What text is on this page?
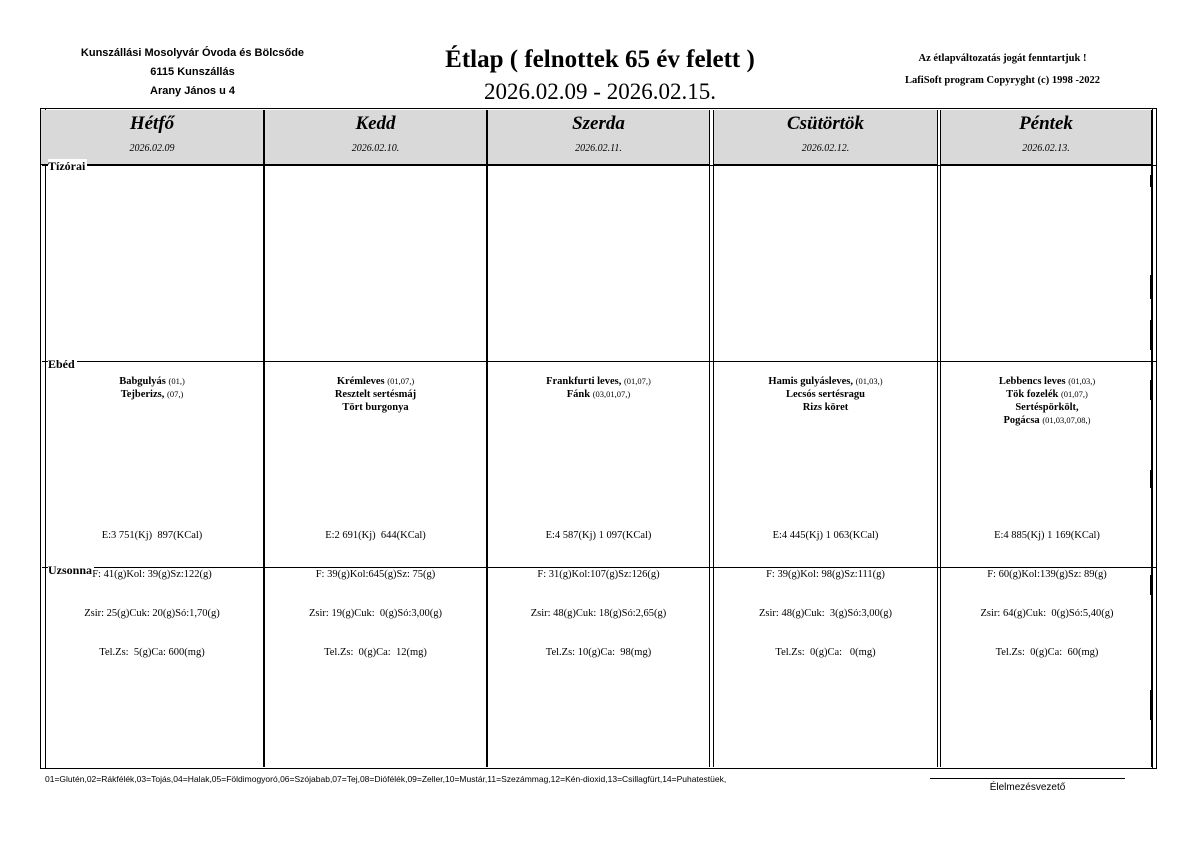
Kunszállási Mosolyvár Óvoda és Bölcsőde
6115 Kunszállás
Arany János u 4
Étlap ( felnottek 65 év felett )
2026.02.09 - 2026.02.15.
Az étlapváltozatás jogát fenntartjuk !
LafiSoft program Copyryght (c) 1998 -2022
Hétfő
2026.02.09
Kedd
2026.02.10.
Szerda
2026.02.11.
Csütörtök
2026.02.12.
Péntek
2026.02.13.
Tízórai
Ebéd
Uzsonna
Babgulyás (01,)
Tejberizs, (07,)
Krémleves (01,07,)
Resztelt sertésmáj
Tört burgonya
Frankfurti leves, (01,07,)
Fánk (03,01,07,)
Hamis gulyásleves, (01,03,)
Lecsós sertésragu
Rizs köret
Lebbencs leves (01,03,)
Tök fozelék (01,07,)
Sertéspörkölt,
Pogácsa (01,03,07,08,)

E:3 751(Kj)  897(KCal)

F: 41(g)Kol: 39(g)Sz:122(g)

Zsir: 25(g)Cuk: 20(g)Só:1,70(g)

Tel.Zs:  5(g)Ca: 600(mg)

E:2 691(Kj)  644(KCal)

F: 39(g)Kol:645(g)Sz: 75(g)

Zsir: 19(g)Cuk:  0(g)Só:3,00(g)

Tel.Zs:  0(g)Ca:  12(mg)

E:4 587(Kj) 1 097(KCal)

F: 31(g)Kol:107(g)Sz:126(g)

Zsir: 48(g)Cuk: 18(g)Só:2,65(g)

Tel.Zs: 10(g)Ca:  98(mg)

E:4 445(Kj) 1 063(KCal)

F: 39(g)Kol: 98(g)Sz:111(g)

Zsir: 48(g)Cuk:  3(g)Só:3,00(g)

Tel.Zs:  0(g)Ca:   0(mg)

E:4 885(Kj) 1 169(KCal)

F: 60(g)Kol:139(g)Sz: 89(g)

Zsir: 64(g)Cuk:  0(g)Só:5,40(g)

Tel.Zs:  0(g)Ca:  60(mg)

01=Glutén,02=Rákfélék,03=Tojás,04=Halak,05=Földimogyoró,06=Szójabab,07=Tej,08=Diófélék,09=Zeller,10=Mustár,11=Szezámmag,12=Kén-dioxid,13=Csillagfürt,14=Puhatestüek,
Élelmezésvezető
